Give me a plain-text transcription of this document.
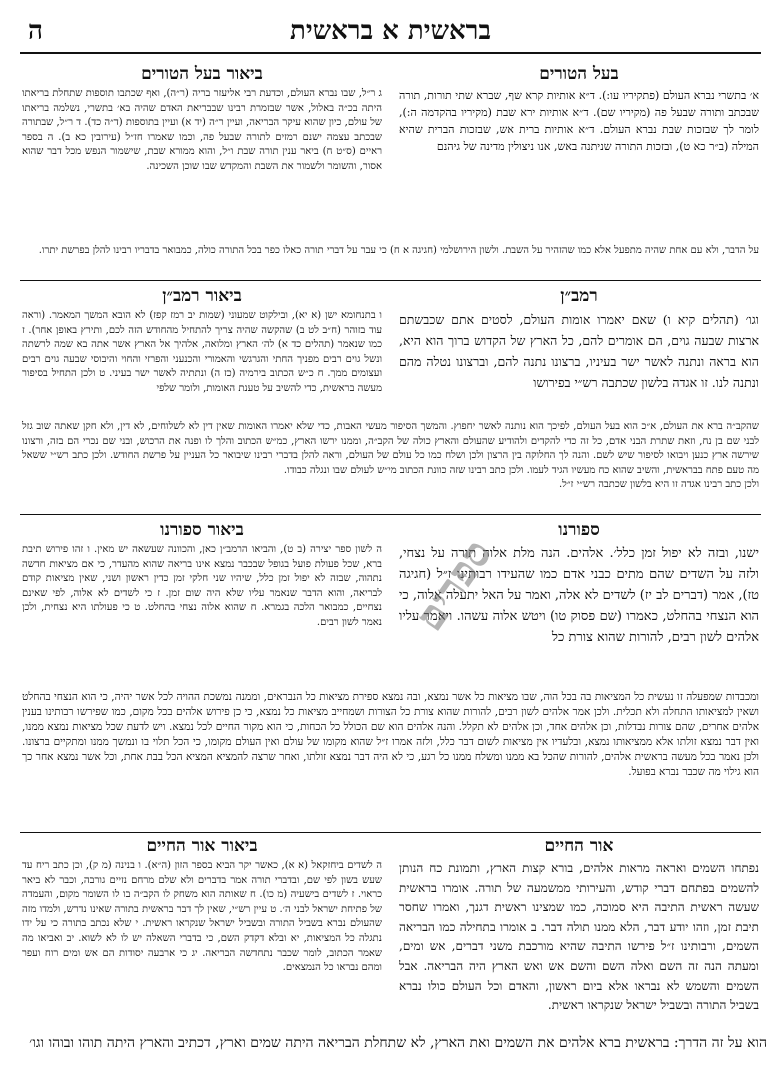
בראשית א בראשית
ה
בעל הטורים

א׳ בתשרי נברא העולם (פתקיריו עו:). ד״א אותיות קרא שף, שברא שתי תורות, תורה שבכתב ותורה שבעל פה (מקיריו שם). ד״א אותיות ירא שבת (מקיריו בהקדמה ה:), לומר לך שבזכות שבת נברא העולם. ד״א אותיות ברית אש, שבזכות הברית שהיא המילה (ב״ר כא ט), ובזכות התורה שניתנה באש, אנו ניצולין מדינה של גיהנם

ביאור בעל הטורים

ג ר״ל, שבו נברא העולם, וכדעת רבי אליעזר בריה (ר״ה), ואף שכתבו תוספות שתחלת בריאתו היתה בכ״ה באלול, אשר שבזמרת רבינו שבבריאת האדם שהיה בא׳ בתשרי, נשלמה בריאתו של עולם, כיון שהוא עיקר הבריאה, ועיין ר״ה (יד א) ועיין בתוספות (ד״ה כד). ד ר״ל, שבתורה שבכתב עצמה ישנם רמזים לתורה שבעל פה, וכמו שאמרו חז״ל (עירובין כא ב). ה בספר ראיים (ס״ט ח) ביאר ענין תורה שבת ו״ל, והוא ממורא שבת, שישמור הנפש מכל דבר שהוא אסור, והשומר ולשמור את השבת והמקדש שבו שוכן השכינה.

על הדבר, ולא עם אחת שהיה מתפעל אלא כמו שהזהיר על השבת. ולשון הירושלמי (חגיגה א ח) כי עבר על דברי תורה כאלו כפר בכל התורה כולה, כמבואר בדבריו רבינו להלן בפרשת יתרו.

רמב״ן

וגו׳ (תהלים קיא ו) שאם יאמרו אומות העולם, לסטים אתם שכבשתם ארצות שבעה גוים, הם אומרים להם, כל הארץ של הקדוש ברוך הוא היא, הוא בראה ונתנה לאשר ישר בעיניו, ברצונו נתנה להם, וברצונו נטלה מהם ונתנה לנו. זו אגדה בלשון שכתבה רש״י בפירושו

ביאור רמב״ן

ו בתנחומא ישן (א יא), ובילקוט שמעוני (שמות יב רמז קפז) לא הובא המשך המאמר. (וראה עוד בזוהר (ח״ב לט ב) שהקשה שהיה צריך להתחיל מהחודש הזה לכם, ותירץ באופן אחר). ז כמו שנאמר (תהלים כד א) לה׳ הארץ ומלואה, אלהיך אל הארץ אשר אתה בא שמה לרשתה ונשל גוים רבים מפניך החתי והגרגשי והאמורי והכנעני והפרזי והחוי והיבוסי שבעה גוים רבים ועצומים ממך. ח כ״ש הכתוב בירמיה (כז ה) ונתתיה לאשר ישר בעיני. ט ולכן התחיל בסיפור מעשה בראשית, כדי להשיב על טענת האומות, ולומר שלפי

שהקב״ה ברא את העולם, א״כ הוא בעל העולם, לפיכך הוא נותנה לאשר יחפוץ. והמשך הסיפור מעשי האבות, כדי שלא יאמרו האומות שאין דין לא לשלוחים, לא דין, ולא חקן שאתה שוב גזל לבני שם בן נח, וזאת שתרת הבני אדם, כל זה כדי להקדים ולהודיע שהעולם והארץ כולה של הקב״ה, וממנו ירשו הארץ, כמ״ש הכתוב והלך לו ופנה את הרכוש, ובני שם נכרי הם בזה, ורצונו שירשה ארץ כנען ויבואו לסיפור שיש לשם. והנה לך החלוקה בין הרצון ולכן ושלח כמו כל עולם של העולם, וראה להלן בדברי רבינו שיבואר כל העניין על פרשת החודש. ולכן כתב רש״י ששאל מה טעם פתח בבראשית, והשיב שהוא כח מעשיו הגיד לעמו. ולכן כתב רבינו שזה כוונת הכתוב מי״ש לעולם שבו ונגלה כבודו.

ולכן כתב רבינו אגדה זו היא בלשון שכתבה רש״י ז״ל.

ספורנו

ישנו, ובזה לא יפול זמן כלל׳. אלהים. הנה מלת אלוה תורה על נצחי, ולזה על השדים שהם מתים כבני אדם כמו שהעידו רבותינו ז״ל (חגיגה טז), אמר (דברים לב יז) לשדים לא אלה, ואמר על האל יתעלה אלוה, כי הוא הנצחי בהחלט, כאמרו (שם פסוק טו) ויטש אלוה עשהו. ויאמר עליו אלהים לשון רבים, להורות שהוא צורת כל

ביאור ספורנו

ה לשון ספר יצירה (ב ט), והביאו הרמב״ן כאן, והכוונה שעשאה יש מאין. ו זהו פירוש תיבת ברא, שכל פעולת פועל בגופל שבכבר נמצא אינו בריאה שהוא מהעדר, כי אם מציאות חדשה נתהוה, שבזה לא יפול זמן כלל, שיהיו שני חלקי זמן כדין ראשון ושני, שאין מציאות קודם לבריאה, והוא הדבר שנאמר עליו שלא היה שום זמן. ז כי לשדים לא אלוה, לפי שאינם נצחיים, כמבואר הלכה בגמרא. ח שהוא אלוה נצחי בהחלט. ט כי פעולתו היא נצחית, ולכן נאמר לשון רבים.

ומכבדות שמפעלה זו נעשית כל המציאות בה בכל הוה, שבו מציאות כל אשר נמצא, ובה נמצא ספירת מציאות כל הנבראים, וממנה נמשכת ההויה לכל אשר יהיה, כי הוא הנצחי בהחלט ושאין למציאותו התחלה ולא תכלית. ולכן אמר אלהים לשון רבים, להורות שהוא צורת כל הצורות ושמחייב מציאות כל נמצא, כי כן פירוש אלהים בכל מקום, כמו שפירשו רבותינו בענין אלהים אחרים, שהם צורות נבדלות, וכן אלהים אחד, וכן אלהים לא תקלל. והנה אלהים הוא שם הכולל כל הכחות, כי הוא מקור החיים לכל נמצא. ויש לדעת שכל מציאות נמצא ממנו, ואין דבר נמצא זולתו אלא ממציאותו נמצא, ובלעדיו אין מציאות לשום דבר כלל, ולזה אמרו ז״ל שהוא מקומו של עולם ואין העולם מקומו, כי הכל תלוי בו ונמשך ממנו ומתקיים ברצונו. ולכן נאמר בכל מעשה בראשית אלהים, להורות שהכל בא ממנו ומשלח ממנו כל רגע, כי לא היה דבר נמצא זולתו, ואחר שרצה להמציא המציא הכל בבת אחת, וכל אשר נמצא אחר כך הוא גילוי מה שכבר נברא בפועל.

אור החיים

נפתחו השמים ואראה מראות אלהים, בורא קצות הארץ, ותמונת כח הנותן להשמים בפתחם דברי קודש, והעירותי ממשמעה של תורה. אומרו בראשית שעשה ראשית התיבה היא סמוכה, כמו שמצינו ראשית דגנך, ואמרו שחסר תיבת זמן, וזהו יודע דבר, הלא ממנו תולה דבר. ב אומרו בתחילה כמו הבריאה השמים, ורבותינו ז״ל פירשו התיבה שהיא מורכבת משני דברים, אש ומים, ומעתה הנה זה השם ואלה השם והשם אש ואש הארץ היה הבריאה. אבל השמים והשמש לא נבראו אלא ביום ראשון, והאדם וכל העולם כולו נברא בשביל התורה ובשביל ישראל שנקראו ראשית.

ביאור אור החיים

ה לשדים ביחזקאל (א א), כאשר יקר הביא בספר הזון (ה״א). ו בנינה (מ ק), וכן כתב ריח עד שעש בשון לפי שם, ובדברי תורה אמר בדברים ולא שלם מרחם נזיים גורבה, וכבר לא ביאר כראוי. ז לשדים בישעיה (מ כו). ח שאותה הוא משחק לו הקב״ה בו לו השומר מקום, והעמדה של פתיחת ישראל לבני ה׳. ט עיין רש״י, שאין לך דבר בראשית בתורה שאינו נדרש, ולמדו מזה שהעולם נברא בשביל התורה ובשביל ישראל שנקראו ראשית. י שלא נכתב בתורה כי על ידו נתגלה כל המציאות, יא ובלא דקדק השם, כי בדברי השאלה יש לו לא לשוא. יב ואביאו מה שאמר הכתוב, לומר שכבר נתחדשה הבריאה. יג כי ארבעה יסודות הם אש ומים רוח ועפר ומהם נבראו כל הנמצאים.

הוא על זה הדרך: בראשית ברא אלהים את השמים ואת הארץ, לא שתחלת הבריאה היתה שמים וארץ, דכתיב והארץ היתה תוהו ובוהו וגו׳
ספרים
